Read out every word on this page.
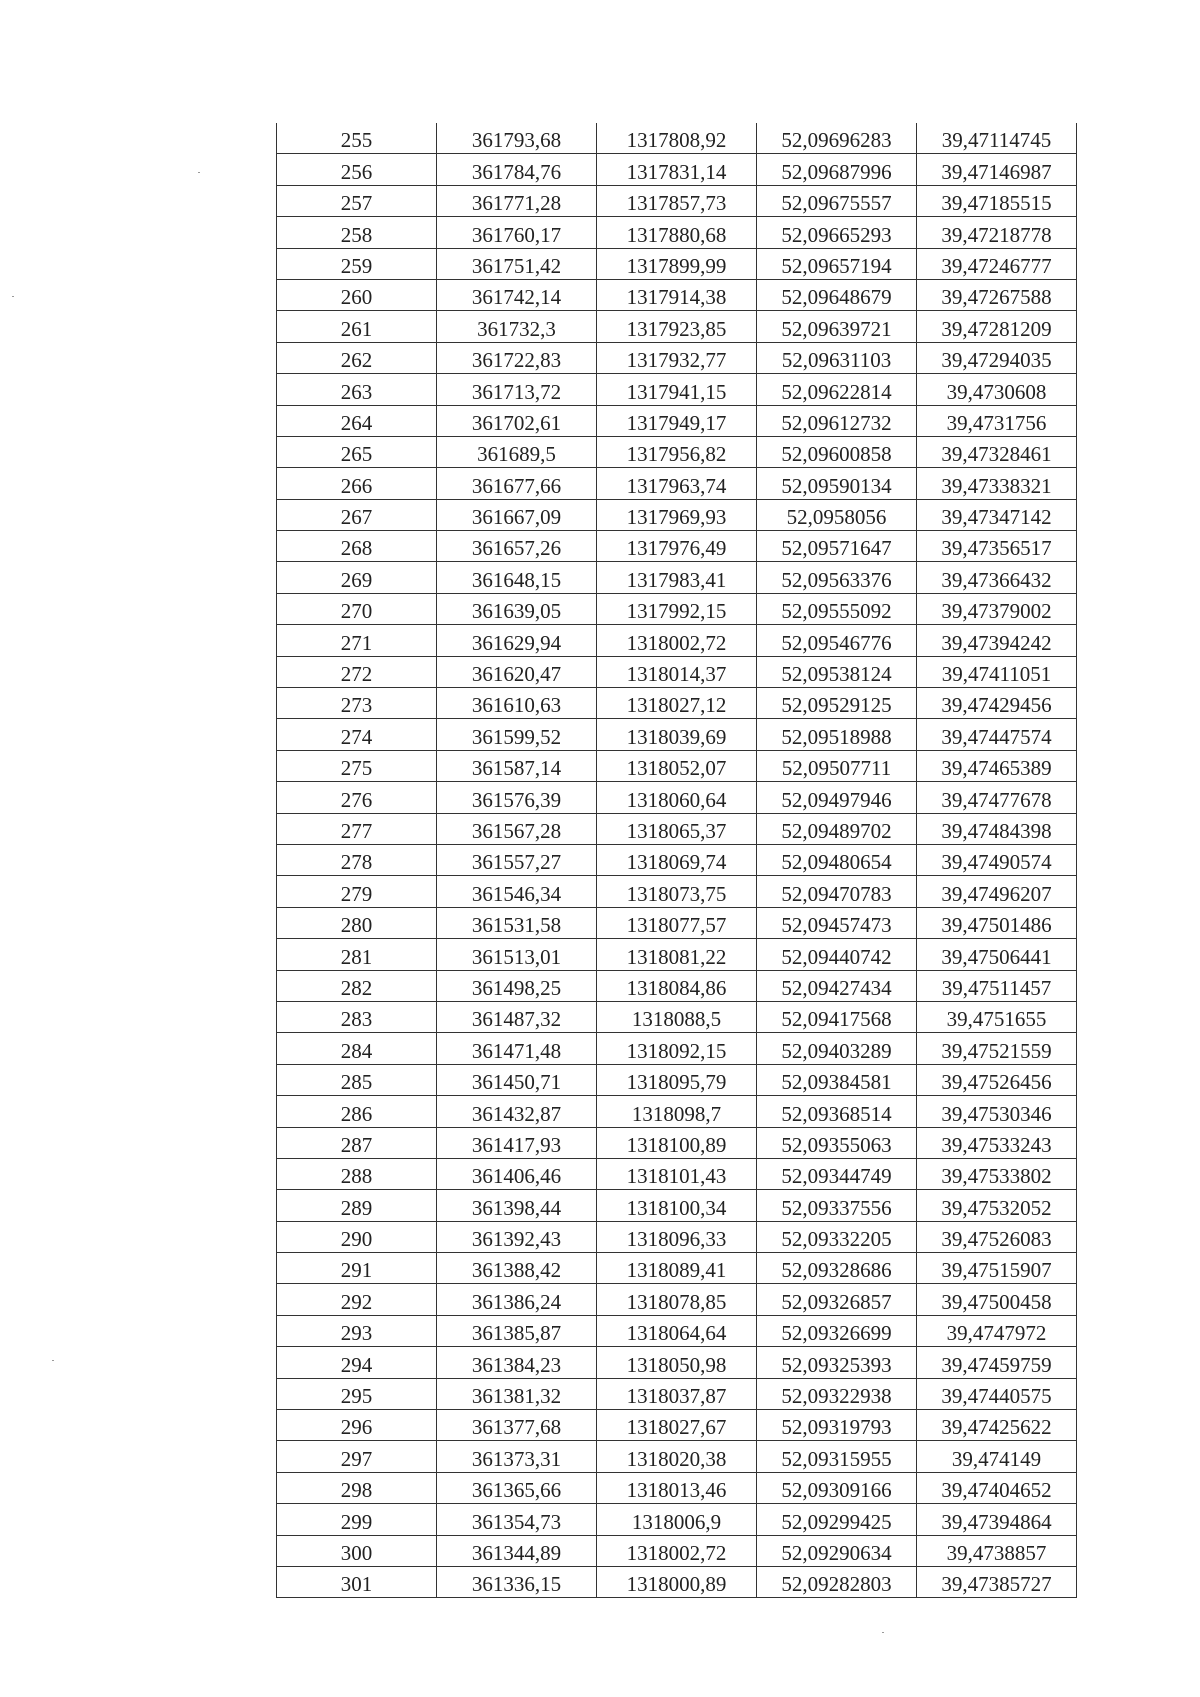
255	361793,68	1317808,92	52,09696283	39,47114745
256	361784,76	1317831,14	52,09687996	39,47146987
257	361771,28	1317857,73	52,09675557	39,47185515
258	361760,17	1317880,68	52,09665293	39,47218778
259	361751,42	1317899,99	52,09657194	39,47246777
260	361742,14	1317914,38	52,09648679	39,47267588
261	361732,3	1317923,85	52,09639721	39,47281209
262	361722,83	1317932,77	52,09631103	39,47294035
263	361713,72	1317941,15	52,09622814	39,4730608
264	361702,61	1317949,17	52,09612732	39,4731756
265	361689,5	1317956,82	52,09600858	39,47328461
266	361677,66	1317963,74	52,09590134	39,47338321
267	361667,09	1317969,93	52,0958056	39,47347142
268	361657,26	1317976,49	52,09571647	39,47356517
269	361648,15	1317983,41	52,09563376	39,47366432
270	361639,05	1317992,15	52,09555092	39,47379002
271	361629,94	1318002,72	52,09546776	39,47394242
272	361620,47	1318014,37	52,09538124	39,47411051
273	361610,63	1318027,12	52,09529125	39,47429456
274	361599,52	1318039,69	52,09518988	39,47447574
275	361587,14	1318052,07	52,09507711	39,47465389
276	361576,39	1318060,64	52,09497946	39,47477678
277	361567,28	1318065,37	52,09489702	39,47484398
278	361557,27	1318069,74	52,09480654	39,47490574
279	361546,34	1318073,75	52,09470783	39,47496207
280	361531,58	1318077,57	52,09457473	39,47501486
281	361513,01	1318081,22	52,09440742	39,47506441
282	361498,25	1318084,86	52,09427434	39,47511457
283	361487,32	1318088,5	52,09417568	39,4751655
284	361471,48	1318092,15	52,09403289	39,47521559
285	361450,71	1318095,79	52,09384581	39,47526456
286	361432,87	1318098,7	52,09368514	39,47530346
287	361417,93	1318100,89	52,09355063	39,47533243
288	361406,46	1318101,43	52,09344749	39,47533802
289	361398,44	1318100,34	52,09337556	39,47532052
290	361392,43	1318096,33	52,09332205	39,47526083
291	361388,42	1318089,41	52,09328686	39,47515907
292	361386,24	1318078,85	52,09326857	39,47500458
293	361385,87	1318064,64	52,09326699	39,4747972
294	361384,23	1318050,98	52,09325393	39,47459759
295	361381,32	1318037,87	52,09322938	39,47440575
296	361377,68	1318027,67	52,09319793	39,47425622
297	361373,31	1318020,38	52,09315955	39,474149
298	361365,66	1318013,46	52,09309166	39,47404652
299	361354,73	1318006,9	52,09299425	39,47394864
300	361344,89	1318002,72	52,09290634	39,4738857
301	361336,15	1318000,89	52,09282803	39,47385727
